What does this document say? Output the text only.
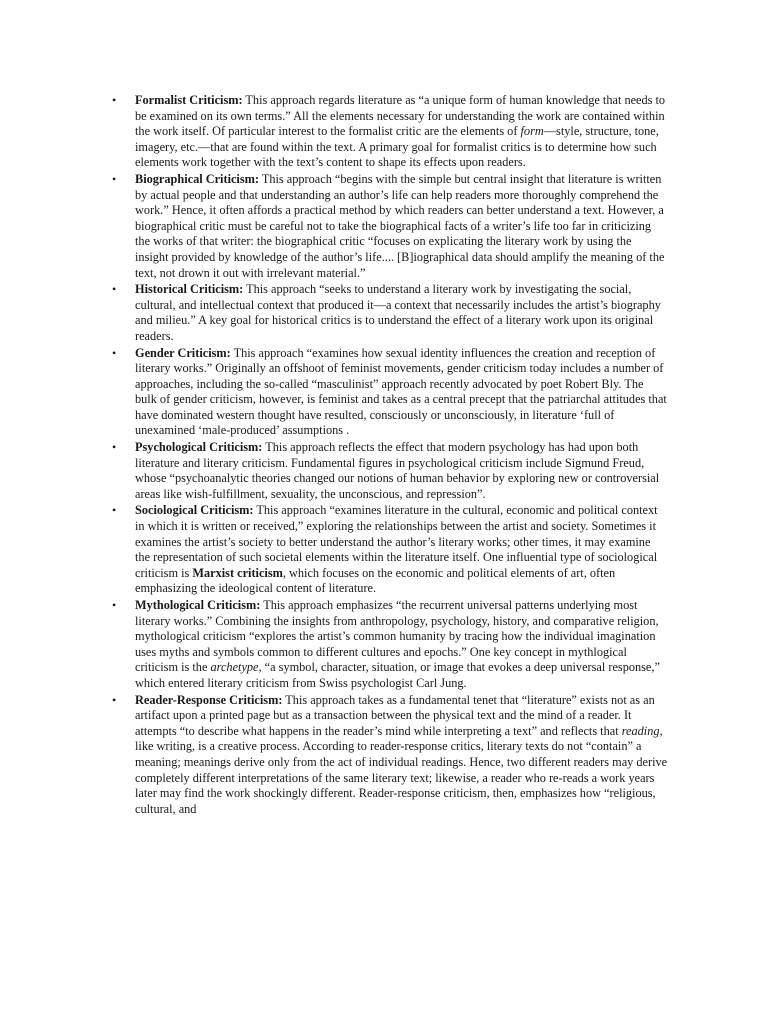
• Formalist Criticism: This approach regards literature as “a unique form of human knowledge that needs to be examined on its own terms.” All the elements necessary for understanding the work are contained within the work itself. Of particular interest to the formalist critic are the elements of form—style, structure, tone, imagery, etc.—that are found within the text. A primary goal for formalist critics is to determine how such elements work together with the text’s content to shape its effects upon readers.
• Biographical Criticism: This approach “begins with the simple but central insight that literature is written by actual people and that understanding an author’s life can help readers more thoroughly comprehend the work.” Hence, it often affords a practical method by which readers can better understand a text. However, a biographical critic must be careful not to take the biographical facts of a writer’s life too far in criticizing the works of that writer: the biographical critic “focuses on explicating the literary work by using the insight provided by knowledge of the author’s life.... [B]iographical data should amplify the meaning of the text, not drown it out with irrelevant material.”
• Historical Criticism: This approach “seeks to understand a literary work by investigating the social, cultural, and intellectual context that produced it—a context that necessarily includes the artist’s biography and milieu.” A key goal for historical critics is to understand the effect of a literary work upon its original readers.
• Gender Criticism: This approach “examines how sexual identity influences the creation and reception of literary works.” Originally an offshoot of feminist movements, gender criticism today includes a number of approaches, including the so-called “masculinist” approach recently advocated by poet Robert Bly. The bulk of gender criticism, however, is feminist and takes as a central precept that the patriarchal attitudes that have dominated western thought have resulted, consciously or unconsciously, in literature ‘full of unexamined ‘male-produced’ assumptions .
• Psychological Criticism: This approach reflects the effect that modern psychology has had upon both literature and literary criticism. Fundamental figures in psychological criticism include Sigmund Freud, whose “psychoanalytic theories changed our notions of human behavior by exploring new or controversial areas like wish-fulfillment, sexuality, the unconscious, and repression”.
• Sociological Criticism: This approach “examines literature in the cultural, economic and political context in which it is written or received,” exploring the relationships between the artist and society. Sometimes it examines the artist’s society to better understand the author’s literary works; other times, it may examine the representation of such societal elements within the literature itself. One influential type of sociological criticism is Marxist criticism, which focuses on the economic and political elements of art, often emphasizing the ideological content of literature.
• Mythological Criticism: This approach emphasizes “the recurrent universal patterns underlying most literary works.” Combining the insights from anthropology, psychology, history, and comparative religion, mythological criticism “explores the artist’s common humanity by tracing how the individual imagination uses myths and symbols common to different cultures and epochs.” One key concept in mythlogical criticism is the archetype, “a symbol, character, situation, or image that evokes a deep universal response,” which entered literary criticism from Swiss psychologist Carl Jung.
• Reader-Response Criticism: This approach takes as a fundamental tenet that “literature” exists not as an artifact upon a printed page but as a transaction between the physical text and the mind of a reader. It attempts “to describe what happens in the reader’s mind while interpreting a text” and reflects that reading, like writing, is a creative process. According to reader-response critics, literary texts do not “contain” a meaning; meanings derive only from the act of individual readings. Hence, two different readers may derive completely different interpretations of the same literary text; likewise, a reader who re-reads a work years later may find the work shockingly different. Reader-response criticism, then, emphasizes how “religious, cultural, and
